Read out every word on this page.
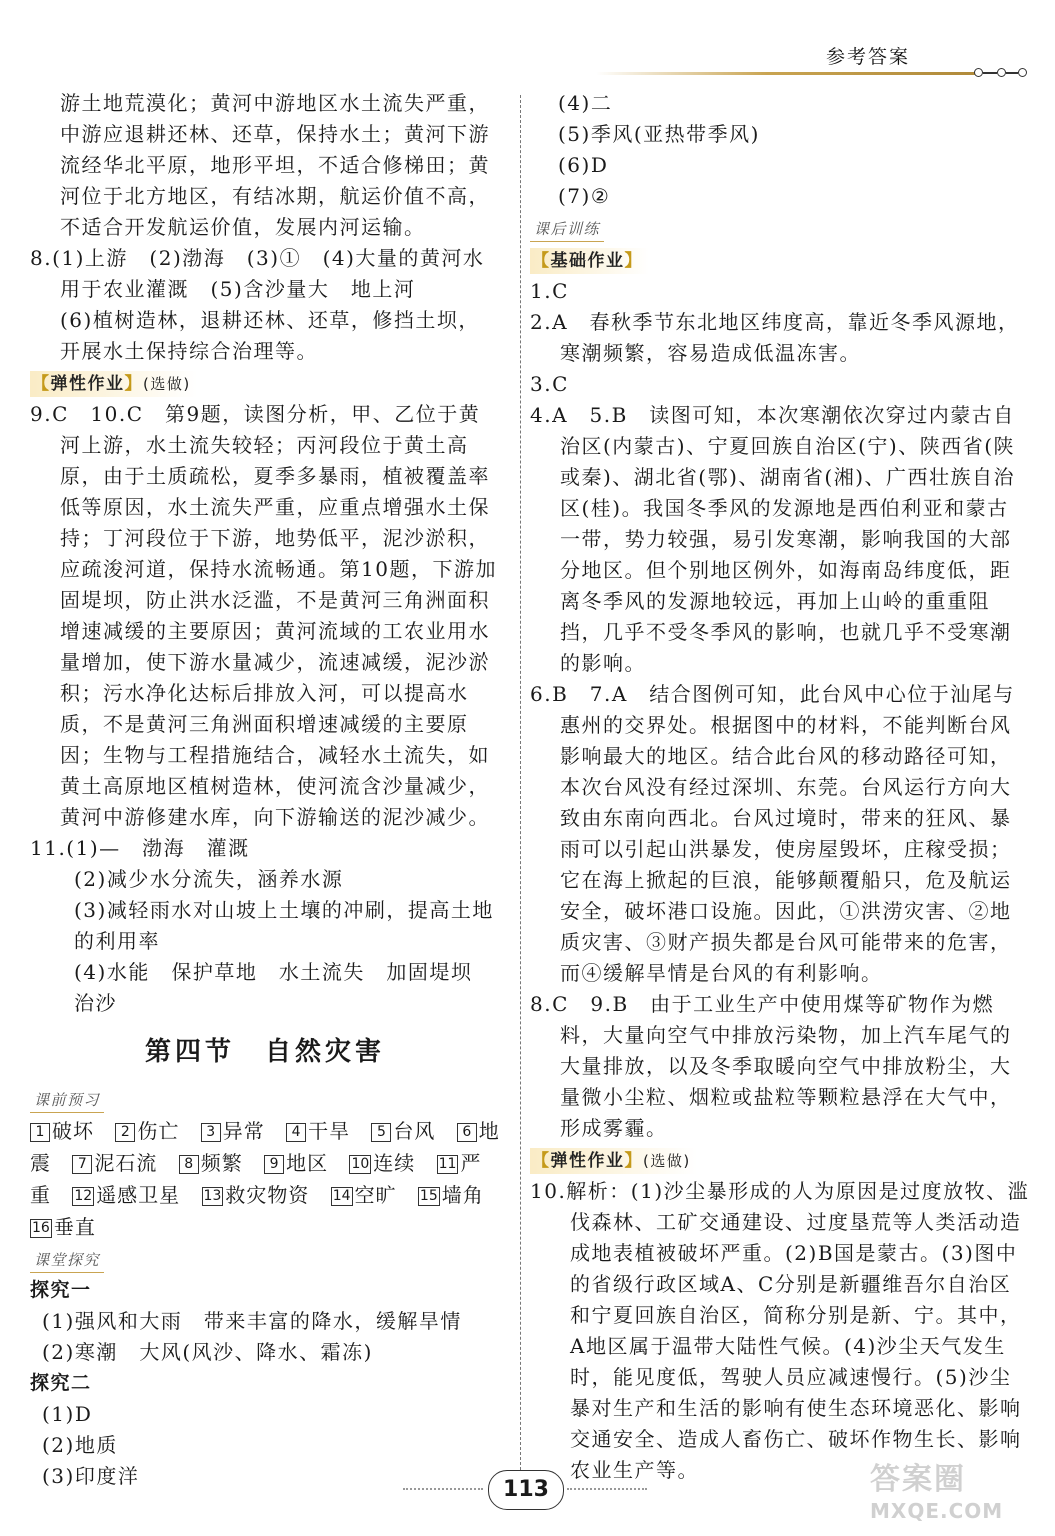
参考答案

游土地荒漠化；黄河中游地区水土流失严重，中游应退耕还林、还草，保持水土；黄河下游流经华北平原，地形平坦，不适合修梯田；黄河位于北方地区，有结冰期，航运价值不高，不适合开发航运价值，发展内河运输。

8.(1)上游　(2)渤海　(3)①　(4)大量的黄河水用于农业灌溉　(5)含沙量大　地上河

(6)植树造林，退耕还林、还草，修挡土坝，开展水土保持综合治理等。

【弹性作业】(选做)

9.C　10.C　第9题，读图分析，甲、乙位于黄河上游，水土流失较轻；丙河段位于黄土高原，由于土质疏松，夏季多暴雨，植被覆盖率低等原因，水土流失严重，应重点增强水土保持；丁河段位于下游，地势低平，泥沙淤积，应疏浚河道，保持水流畅通。第10题，下游加固堤坝，防止洪水泛滥，不是黄河三角洲面积增速减缓的主要原因；黄河流域的工农业用水量增加，使下游水量减少，流速减缓，泥沙淤积；污水净化达标后排放入河，可以提高水质，不是黄河三角洲面积增速减缓的主要原因；生物与工程措施结合，减轻水土流失，如黄土高原地区植树造林，使河流含沙量减少，黄河中游修建水库，向下游输送的泥沙减少。

11.(1)—　渤海　灌溉

(2)减少水分流失，涵养水源

(3)减轻雨水对山坡上土壤的冲刷，提高土地的利用率

(4)水能　保护草地　水土流失　加固堤坝

治沙

第四节　自然灾害
课前预习
1 破坏 2 伤亡 3 异常 4 干旱 5 台风 6 地震 7 泥石流 8 频繁 9 地区 10 连续 11 严重 12 遥感卫星 13 救灾物资 14 空旷 15 墙角 16 垂直
课堂探究

探究一

(1)强风和大雨　带来丰富的降水，缓解旱情

(2)寒潮　大风(风沙、降水、霜冻)

探究二

(1)D

(2)地质

(3)印度洋

(4)二

(5)季风(亚热带季风)

(6)D

(7)②

课后训练
【基础作业】

1.C

2.A　春秋季节东北地区纬度高，靠近冬季风源地，寒潮频繁，容易造成低温冻害。

3.C

4.A　5.B　读图可知，本次寒潮依次穿过内蒙古自治区(内蒙古)、宁夏回族自治区(宁)、陕西省(陕或秦)、湖北省(鄂)、湖南省(湘)、广西壮族自治区(桂)。我国冬季风的发源地是西伯利亚和蒙古一带，势力较强，易引发寒潮，影响我国的大部分地区。但个别地区例外，如海南岛纬度低，距离冬季风的发源地较远，再加上山岭的重重阻挡，几乎不受冬季风的影响，也就几乎不受寒潮的影响。

6.B　7.A　结合图例可知，此台风中心位于汕尾与惠州的交界处。根据图中的材料，不能判断台风影响最大的地区。结合此台风的移动路径可知，本次台风没有经过深圳、东莞。台风运行方向大致由东南向西北。台风过境时，带来的狂风、暴雨可以引起山洪暴发，使房屋毁坏，庄稼受损；它在海上掀起的巨浪，能够颠覆船只，危及航运安全，破坏港口设施。因此，①洪涝灾害、②地质灾害、③财产损失都是台风可能带来的危害，而④缓解旱情是台风的有利影响。

8.C　9.B　由于工业生产中使用煤等矿物作为燃料，大量向空气中排放污染物，加上汽车尾气的大量排放，以及冬季取暖向空气中排放粉尘，大量微小尘粒、烟粒或盐粒等颗粒悬浮在大气中，形成雾霾。

【弹性作业】(选做)

10.解析：(1)沙尘暴形成的人为原因是过度放牧、滥伐森林、工矿交通建设、过度垦荒等人类活动造成地表植被破坏严重。(2)B国是蒙古。(3)图中的省级行政区域A、C分别是新疆维吾尔自治区和宁夏回族自治区，简称分别是新、宁。其中，A地区属于温带大陆性气候。(4)沙尘天气发生时，能见度低，驾驶人员应减速慢行。(5)沙尘暴对生产和生活的影响有使生态环境恶化、影响交通安全、造成人畜伤亡、破坏作物生长、影响农业生产等。

113	答案圈
MXQE.COM
